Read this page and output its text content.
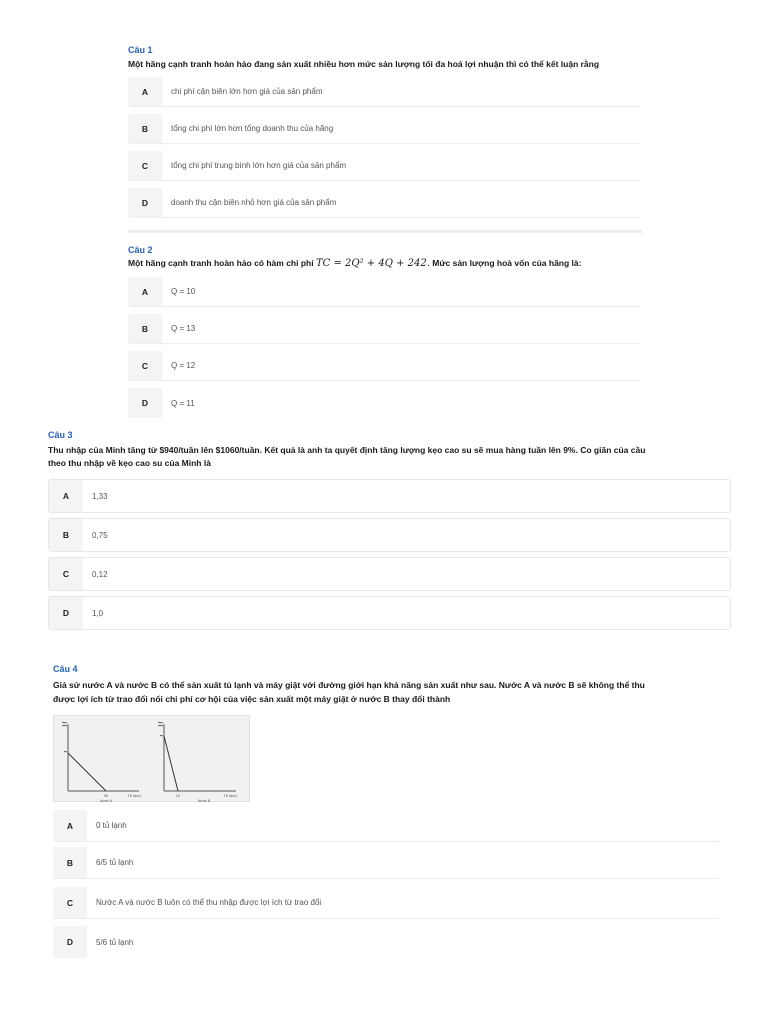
Câu 1
Một hãng cạnh tranh hoàn hảo đang sản xuất nhiều hơn mức sản lượng tối đa hoá lợi nhuận thì có thể kết luận rằng
A	chi phí cận biên lớn hơn giá của sản phẩm
B	tổng chi phí lớn hơn tổng doanh thu của hãng
C	tổng chi phí trung bình lớn hơn giá của sản phẩm
D	doanh thu cận biên nhỏ hơn giá của sản phẩm
Câu 2
Một hãng cạnh tranh hoàn hảo có hàm chi phí TC = 2Q² + 4Q + 242. Mức sản lượng hoà vốn của hãng là:
A	Q = 10
B	Q = 13
C	Q = 12
D	Q = 11
Câu 3
Thu nhập của Minh tăng từ $940/tuần lên $1060/tuần. Kết quả là anh ta quyết định tăng lượng kẹo cao su sẽ mua hàng tuần lên 9%. Co giãn của cầu
theo thu nhập về kẹo cao su của Minh là
A	1,33
B	0,75
C	0,12
D	1,0
Câu 4
Giả sử nước A và nước B có thể sản xuất tủ lạnh và máy giặt với đường giới hạn khả năng sản xuất như sau. Nước A và nước B sẽ không thể thu
được lợi ích từ trao đổi nối chi phí cơ hội của việc sản xuất một máy giặt ở nước B thay đổi thành
30	Tủ lạnh
Nước A
12	Tủ lạnh
Nước B
A	0 tủ lạnh
B	6/5 tủ lạnh
C	Nước A và nước B luôn có thể thu nhập được lợi ích từ trao đổi
D	5/6 tủ lạnh
